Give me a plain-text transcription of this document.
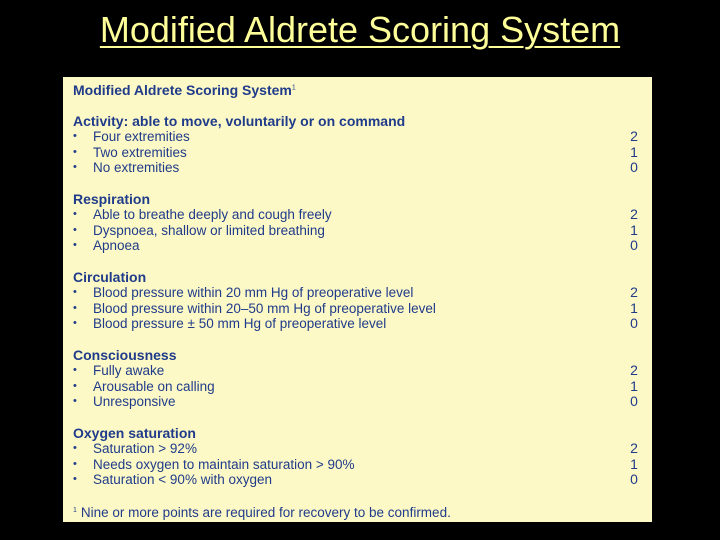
Modified Aldrete Scoring System
Modified Aldrete Scoring System$^1$
Activity: able to move, voluntarily or on command
•	Four extremities	2
•	Two extremities	1
•	No extremities	0
Respiration
•	Able to breathe deeply and cough freely	2
•	Dyspnoea, shallow or limited breathing	1
•	Apnoea	0
Circulation
•	Blood pressure within 20 mm Hg of preoperative level	2
•	Blood pressure within 20–50 mm Hg of preoperative level	1
•	Blood pressure ± 50 mm Hg of preoperative level	0
Consciousness
•	Fully awake	2
•	Arousable on calling	1
•	Unresponsive	0
Oxygen saturation
•	Saturation > 92%	2
•	Needs oxygen to maintain saturation > 90%	1
•	Saturation < 90% with oxygen	0
$^1$ Nine or more points are required for recovery to be confirmed.
